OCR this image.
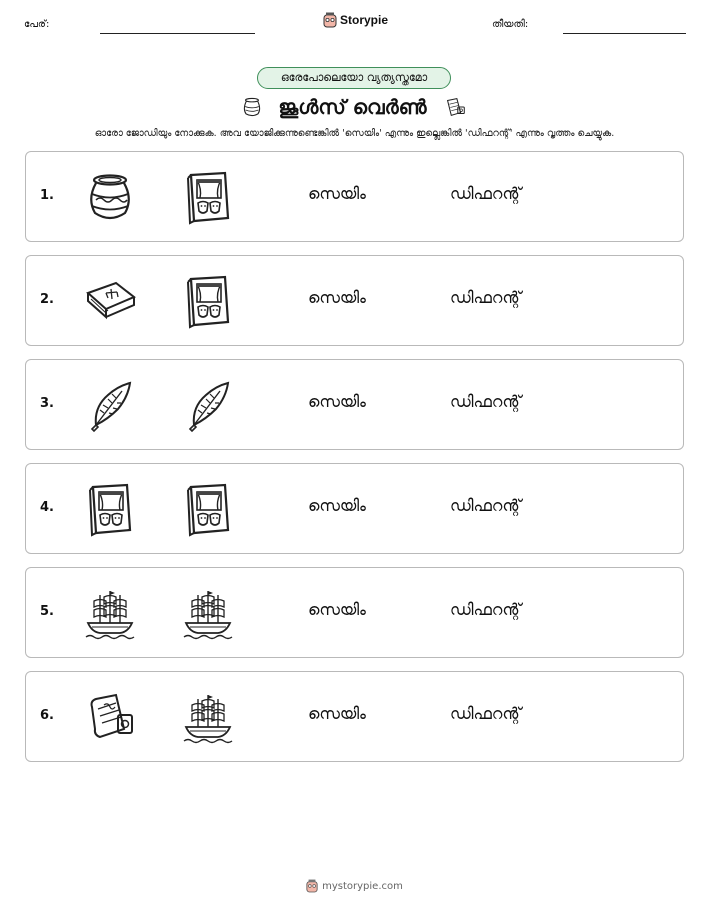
പേര്:	Storypie	തീയതി:
ഒരേപോലെയോ വ്യത്യസ്തമോ
ജൂൾസ് വെർൺ
ഓരോ ജോഡിയും നോക്കുക. അവ യോജിക്കുന്നുണ്ടെങ്കിൽ 'സെയിം' എന്നും ഇല്ലെങ്കിൽ 'ഡിഫറന്റ്' എന്നും വൃത്തം ചെയ്യുക.
1.	സെയിം	ഡിഫറന്റ്
2.	സെയിം	ഡിഫറന്റ്
3.	സെയിം	ഡിഫറന്റ്
4.	സെയിം	ഡിഫറന്റ്
5.	സെയിം	ഡിഫറന്റ്
6.	സെയിം	ഡിഫറന്റ്
mystorypie.com
